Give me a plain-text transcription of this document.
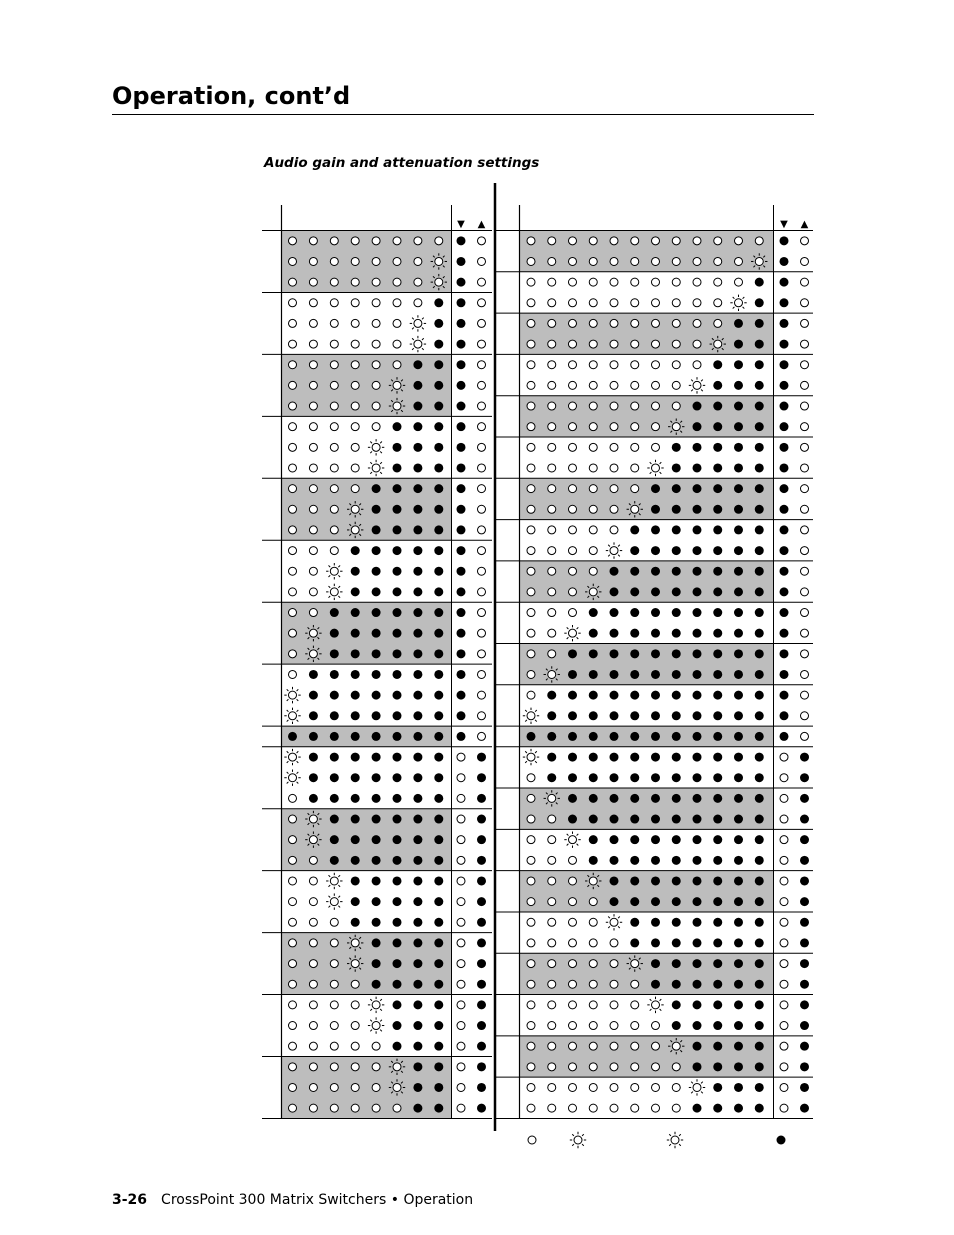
Operation, cont’d
Audio gain and attenuation settings
▼ ▲	▼ ▲
3-26 CrossPoint 300 Matrix Switchers • Operation
